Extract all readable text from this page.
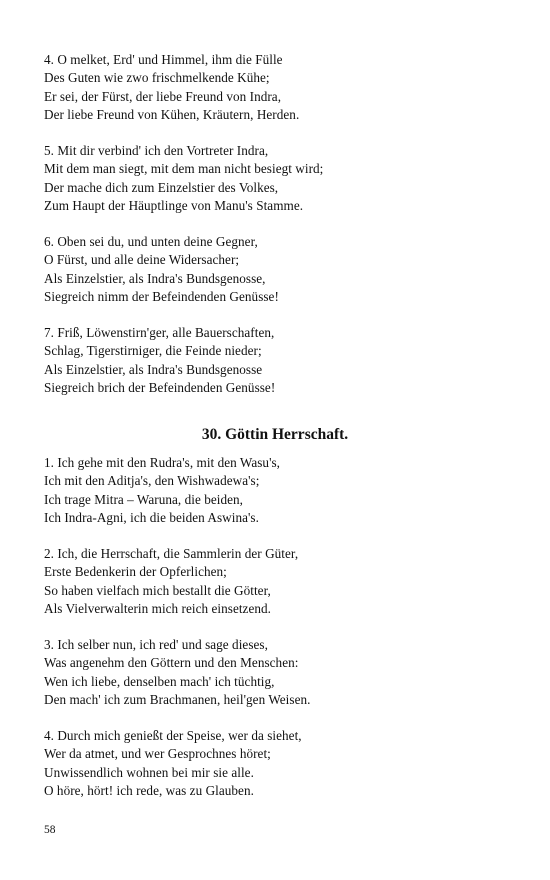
4. O melket, Erd' und Himmel, ihm die Fülle
Des Guten wie zwo frischmelkende Kühe;
Er sei, der Fürst, der liebe Freund von Indra,
Der liebe Freund von Kühen, Kräutern, Herden.
5. Mit dir verbind' ich den Vortreter Indra,
Mit dem man siegt, mit dem man nicht besiegt wird;
Der mache dich zum Einzelstier des Volkes,
Zum Haupt der Häuptlinge von Manu's Stamme.
6. Oben sei du, und unten deine Gegner,
O Fürst, und alle deine Widersacher;
Als Einzelstier, als Indra's Bundsgenosse,
Siegreich nimm der Befeindenden Genüsse!
7. Friß, Löwenstirn'ger, alle Bauerschaften,
Schlag, Tigerstirniger, die Feinde nieder;
Als Einzelstier, als Indra's Bundsgenosse
Siegreich brich der Befeindenden Genüsse!
30. Göttin Herrschaft.
1. Ich gehe mit den Rudra's, mit den Wasu's,
Ich mit den Aditja's, den Wishwadewa's;
Ich trage Mitra – Waruna, die beiden,
Ich Indra-Agni, ich die beiden Aswina's.
2. Ich, die Herrschaft, die Sammlerin der Güter,
Erste Bedenkerin der Opferlichen;
So haben vielfach mich bestallt die Götter,
Als Vielverwalterin mich reich einsetzend.
3. Ich selber nun, ich red' und sage dieses,
Was angenehm den Göttern und den Menschen:
Wen ich liebe, denselben mach' ich tüchtig,
Den mach' ich zum Brachmanen, heil'gen Weisen.
4. Durch mich genießt der Speise, wer da siehet,
Wer da atmet, und wer Gesprochnes höret;
Unwissendlich wohnen bei mir sie alle.
O höre, hört! ich rede, was zu Glauben.
58
